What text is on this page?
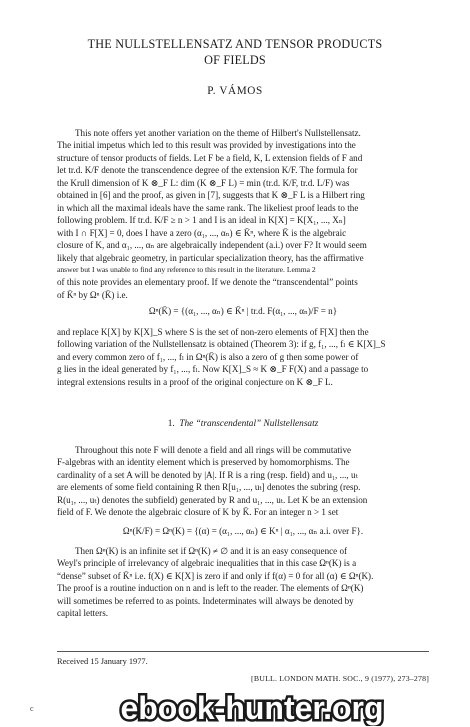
THE NULLSTELLENSATZ AND TENSOR PRODUCTS
OF FIELDS
P. VÁMOS

This note offers yet another variation on the theme of Hilbert's Nullstellensatz.

The initial impetus which led to this result was provided by investigations into the

structure of tensor products of fields. Let F be a field, K, L extension fields of F and

let tr.d. K/F denote the transcendence degree of the extension K/F. The formula for

the Krull dimension of K ⊗_F L: dim (K ⊗_F L) = min (tr.d. K/F, tr.d. L/F) was

obtained in [6] and the proof, as given in [7], suggests that K ⊗_F L is a Hilbert ring

in which all the maximal ideals have the same rank. The likeliest proof leads to the

following problem. If tr.d. K/F ≥ n > 1 and I is an ideal in K[X] = K[X₁, ..., Xₙ]

with I ∩ F[X] = 0, does I have a zero (α₁, ..., αₙ) ∈ K̄ⁿ, where K̄ is the algebraic

closure of K, and α₁, ..., αₙ are algebraically independent (a.i.) over F? It would seem

likely that algebraic geometry, in particular specialization theory, has the affirmative

answer but I was unable to find any reference to this result in the literature. Lemma 2

of this note provides an elementary proof. If we denote the “transcendental” points

of K̄ⁿ by Ωⁿ (K̄) i.e.

Ωⁿ(K̄) = {(α₁, ..., αₙ) ∈ K̄ⁿ | tr.d. F(α₁, ..., αₙ)/F = n}

and replace K[X] by K[X]_S where S is the set of non-zero elements of F[X] then the

following variation of the Nullstellensatz is obtained (Theorem 3): if g, f₁, ..., fₗ ∈ K[X]_S

and every common zero of f₁, ..., fₗ in Ωⁿ(K̄) is also a zero of g then some power of

g lies in the ideal generated by f₁, ..., fₗ. Now K[X]_S ≈ K ⊗_F F(X) and a passage to

integral extensions results in a proof of the original conjecture on K ⊗_F L.

1. The “transcendental” Nullstellensatz

Throughout this note F will denote a field and all rings will be commutative

F-algebras with an identity element which is preserved by homomorphisms. The

cardinality of a set A will be denoted by |A|. If R is a ring (resp. field) and u₁, ..., uₜ

are elements of some field containing R then R[u₁, ..., uₜ] denotes the subring (resp.

R(u₁, ..., uₜ) denotes the subfield) generated by R and u₁, ..., uₜ. Let K be an extension

field of F. We denote the algebraic closure of K by K̄. For an integer n > 1 set

Ωⁿ(K/F) = Ωⁿ(K) = {(α) = (α₁, ..., αₙ) ∈ Kⁿ | α₁, ..., αₙ a.i. over F}.

Then Ωⁿ(K) is an infinite set if Ωⁿ(K) ≠ ∅ and it is an easy consequence of

Weyl's principle of irrelevancy of algebraic inequalities that in this case Ωⁿ(K) is a

“dense” subset of K̄ⁿ i.e. f(X) ∈ K[X] is zero if and only if f(α) = 0 for all (α) ∈ Ωⁿ(K).

The proof is a routine induction on n and is left to the reader. The elements of Ωⁿ(K)

will sometimes be referred to as points. Indeterminates will always be denoted by

capital letters.

Received 15 January 1977.
[BULL. LONDON MATH. SOC., 9 (1977), 273–278]
c	ebook-hunter.org
